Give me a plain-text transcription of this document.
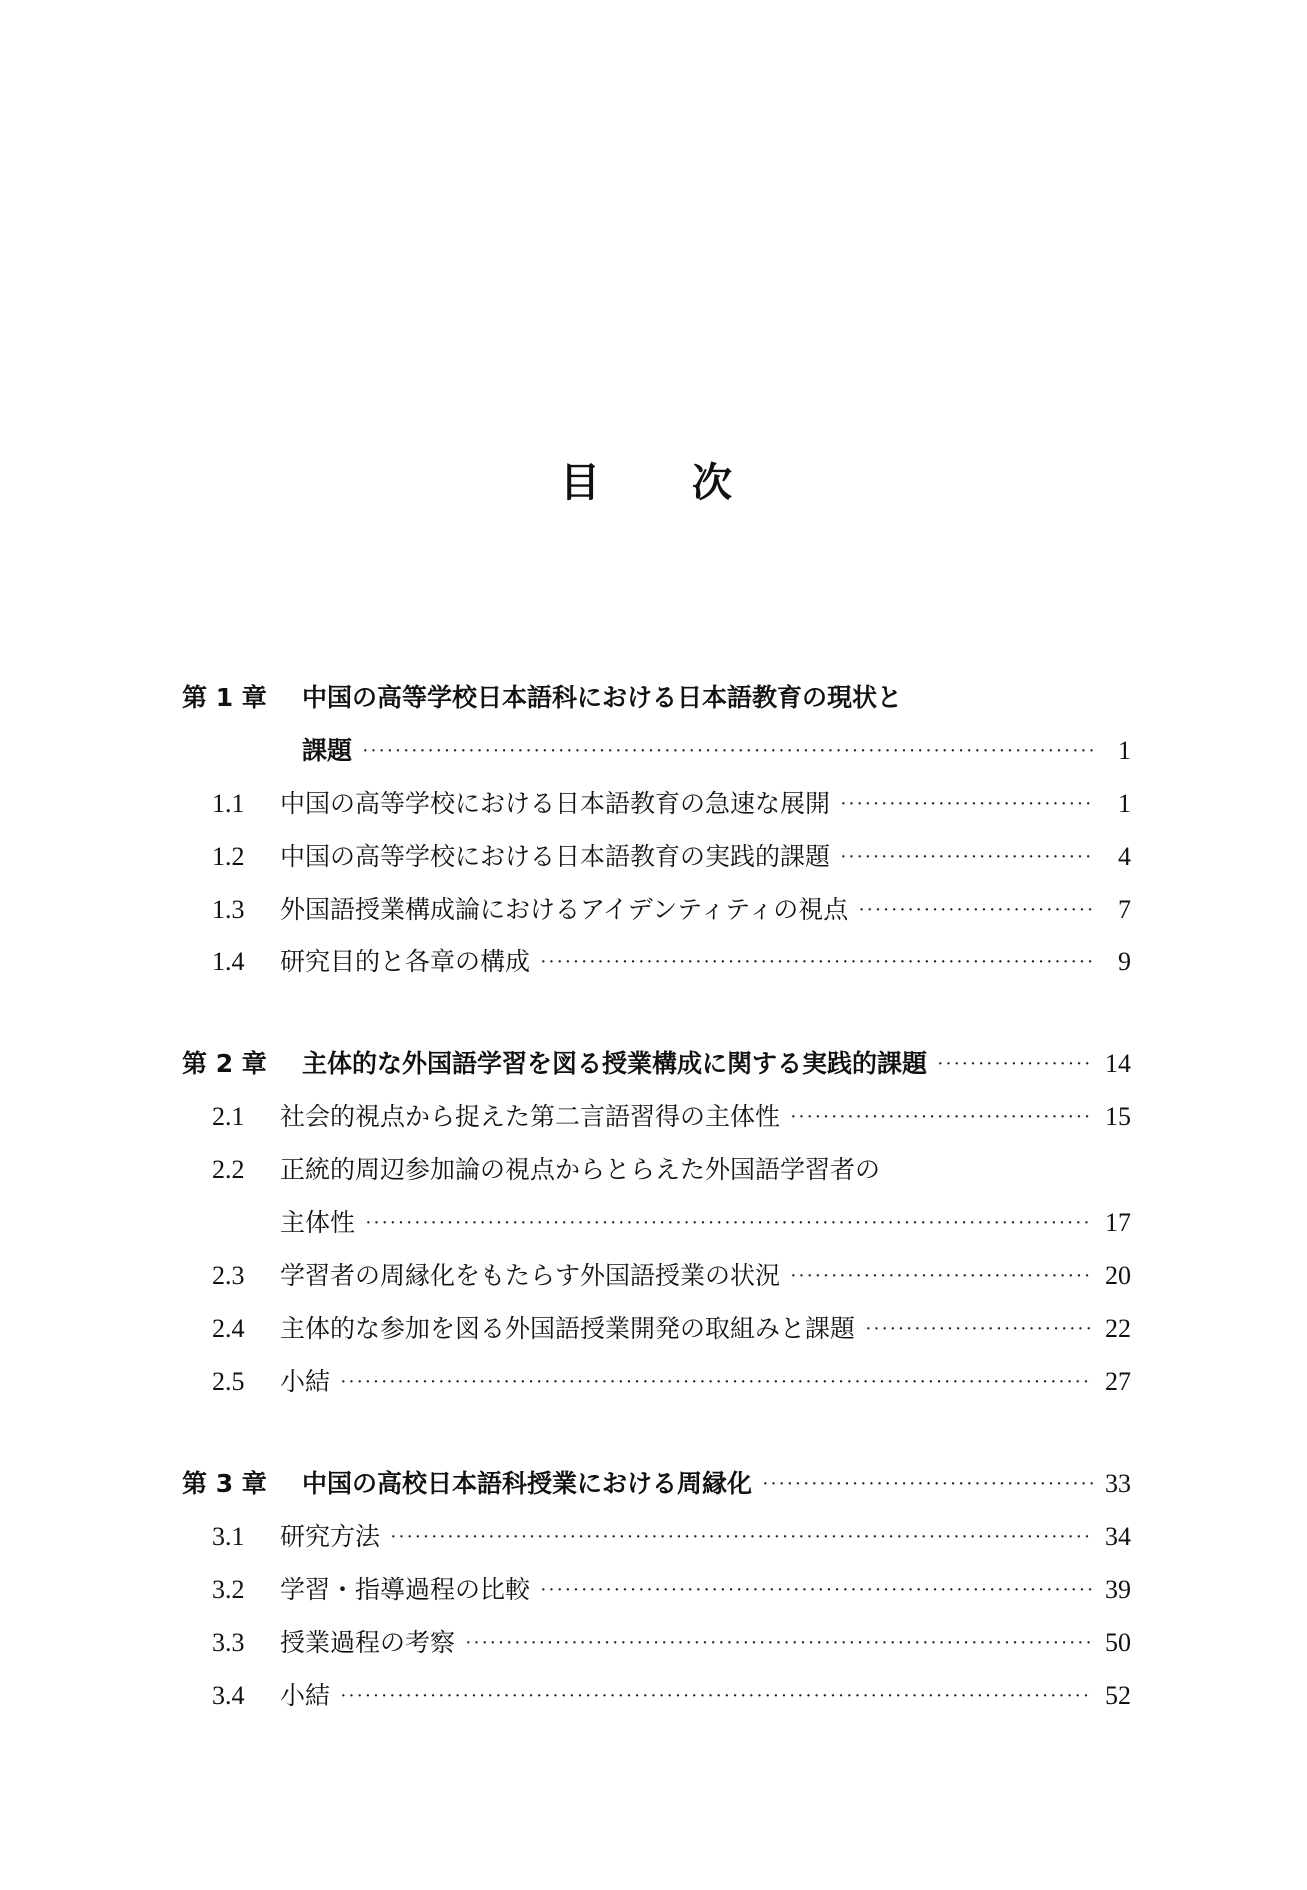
目 次
第 1 章	中国の高等学校日本語科における日本語教育の現状と
課題 ·····	1
1.1	中国の高等学校における日本語教育の急速な展開 ·····	1
1.2	中国の高等学校における日本語教育の実践的課題 ·····	4
1.3	外国語授業構成論におけるアイデンティティの視点 ·····	7
1.4	研究目的と各章の構成 ·····	9
第 2 章	主体的な外国語学習を図る授業構成に関する実践的課題 ·····	14
2.1	社会的視点から捉えた第二言語習得の主体性 ·····	15
2.2	正統的周辺参加論の視点からとらえた外国語学習者の
主体性 ·····	17
2.3	学習者の周縁化をもたらす外国語授業の状況 ·····	20
2.4	主体的な参加を図る外国語授業開発の取組みと課題 ·····	22
2.5	小結 ·····	27
第 3 章	中国の高校日本語科授業における周縁化 ·····	33
3.1	研究方法 ·····	34
3.2	学習・指導過程の比較 ·····	39
3.3	授業過程の考察 ·····	50
3.4	小結 ·····	52
